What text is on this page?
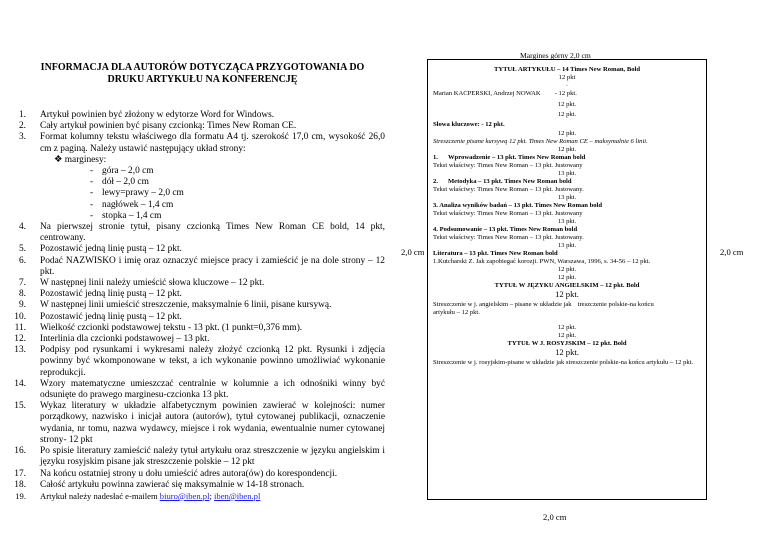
INFORMACJA DLA AUTORÓW DOTYCZĄCA PRZYGOTOWANIA DO DRUKU ARTYKUŁU NA KONFERENCJĘ
1. Artykuł powinien być złożony w edytorze Word for Windows.
2. Cały artykuł powinien być pisany czcionką: Times New Roman CE.
3. Format kolumny tekstu właściwego dla formatu A4 tj. szerokość 17,0 cm, wysokość 26,0 cm z paginą. Należy ustawić następujący układ strony:
❖ marginesy:
- góra – 2,0 cm
- dół – 2,0 cm
- lewy=prawy – 2,0 cm
- nagłówek – 1,4 cm
- stopka – 1,4 cm
4. Na pierwszej stronie tytuł, pisany czcionką Times New Roman CE bold, 14 pkt, centrowany.
5. Pozostawić jedną linię pustą – 12 pkt.
6. Podać NAZWISKO i imię oraz oznaczyć miejsce pracy i zamieścić je na dole strony – 12 pkt.
7. W następnej linii należy umieścić słowa kluczowe – 12 pkt.
8. Pozostawić jedną linię pustą – 12 pkt.
9. W następnej linii umieścić streszczenie, maksymalnie 6 linii, pisane kursywą.
10. Pozostawić jedną linię pustą – 12 pkt.
11. Wielkość czcionki podstawowej tekstu - 13 pkt. (1 punkt=0,376 mm).
12. Interlinia dla czcionki podstawowej – 13 pkt.
13. Podpisy pod rysunkami i wykresami należy złożyć czcionką 12 pkt. Rysunki i zdjęcia powinny być wkomponowane w tekst, a ich wykonanie powinno umożliwiać wykonanie reprodukcji.
14. Wzory matematyczne umieszczać centralnie w kolumnie a ich odnośniki winny być odsunięte do prawego marginesu-czcionka 13 pkt.
15. Wykaz literatury w układzie alfabetycznym powinien zawierać w kolejności: numer porządkowy, nazwisko i inicjał autora (autorów), tytuł cytowanej publikacji, oznaczenie wydania, nr tomu, nazwa wydawcy, miejsce i rok wydania, ewentualnie numer cytowanej strony- 12 pkt
16. Po spisie literatury zamieścić należy tytuł artykułu oraz streszczenie w języku angielskim i języku rosyjskim pisane jak streszczenie polskie – 12 pkt
17. Na końcu ostatniej strony u dołu umieścić adres autora(ów) do korespondencji.
18. Całość artykułu powinna zawierać się maksymalnie w 14-18 stronach.
19. Artykuł należy nadesłać e-mailem biuro@iben.pl; iben@iben.pl
Margines górny 2,0 cm
2,0 cm	2,0 cm
2,0 cm
TYTUŁ ARTYKUŁU – 14 Times New Roman, Bold
12 pkt
.
Marian KACPERSKI, Andrzej NOWAK - 12 pkt.
12 pkt.
12 pkt.
Słowa kluczowe: - 12 pkt.
12 pkt.
Streszczenie pisane kursywą 12 pkt. Times New Roman CE – maksymalnie 6 linii.
12 pkt.
1. Wprowadzenie – 13 pkt. Times New Roman bold
Tekst właściwy: Times New Roman – 13 pkt. Justowany
13 pkt.
2. Metodyka – 13 pkt. Times New Roman bold
Tekst właściwy: Times New Roman – 13 pkt. Justowany.
13 pkt.
3. Analiza wyników badań – 13 pkt. Times New Roman bold
Tekst właściwy: Times New Roman – 13 pkt. Justowany
13 pkt.
4. Podsumowanie – 13 pkt. Times New Roman bold
Tekst właściwy: Times New Roman – 13 pkt. Justowany.
13 pkt.
Literatura – 13 pkt. Times New Roman bold
1.Kutcharski Z. Jak zapobiegać korozji. PWN, Warszawa, 1996, s. 34-56 – 12 pkt.
12 pkt.
12 pkt.
TYTUŁ W JĘZYKU ANGIELSKIM – 12 pkt. Bold
12 pkt.
Streszczenie w j. angielskim – pisane w układzie jak treszczenie polskie-na końcu
artykułu – 12 pkt.
12 pkt.
12 pkt.
TYTUŁ W J. ROSYJSKIM – 12 pkt. Bold
12 pkt.
Streszczenie w j. rosyjskim-pisane w układzie jak streszczenie polskie-na końcu artykułu – 12 pkt.
